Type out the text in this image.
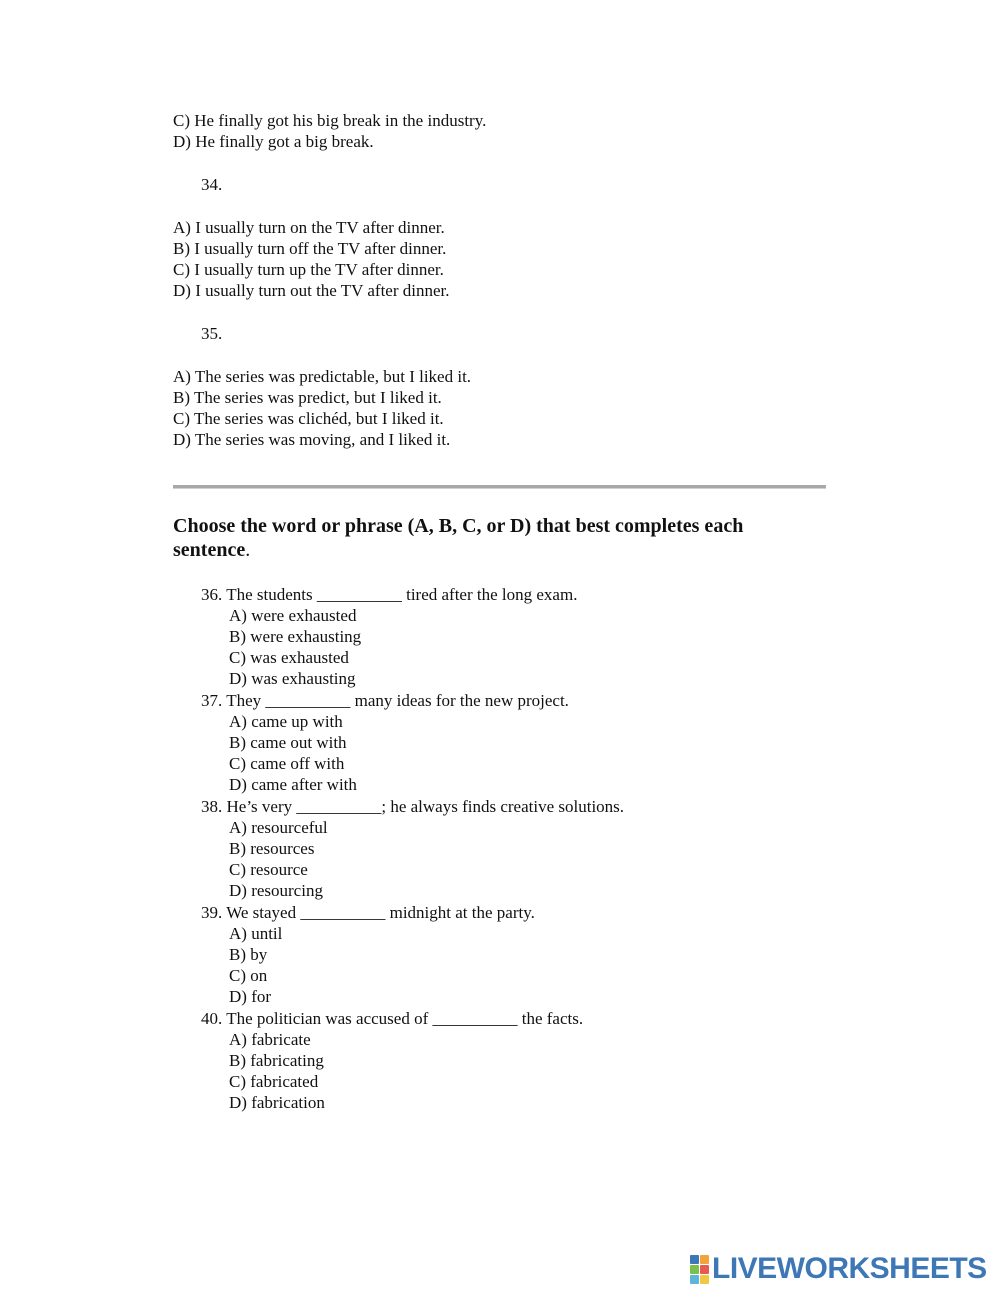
C) He finally got his big break in the industry.
D) He finally got a big break.
34.
A) I usually turn on the TV after dinner.
B) I usually turn off the TV after dinner.
C) I usually turn up the TV after dinner.
D) I usually turn out the TV after dinner.
35.
A) The series was predictable, but I liked it.
B) The series was predict, but I liked it.
C) The series was clichéd, but I liked it.
D) The series was moving, and I liked it.
Choose the word or phrase (A, B, C, or D) that best completes each sentence.
36. The students __________ tired after the long exam.
A) were exhausted
B) were exhausting
C) was exhausted
D) was exhausting
37. They __________ many ideas for the new project.
A) came up with
B) came out with
C) came off with
D) came after with
38. He’s very __________; he always finds creative solutions.
A) resourceful
B) resources
C) resource
D) resourcing
39. We stayed __________ midnight at the party.
A) until
B) by
C) on
D) for
40. The politician was accused of __________ the facts.
A) fabricate
B) fabricating
C) fabricated
D) fabrication
LIVEWORKSHEETS
